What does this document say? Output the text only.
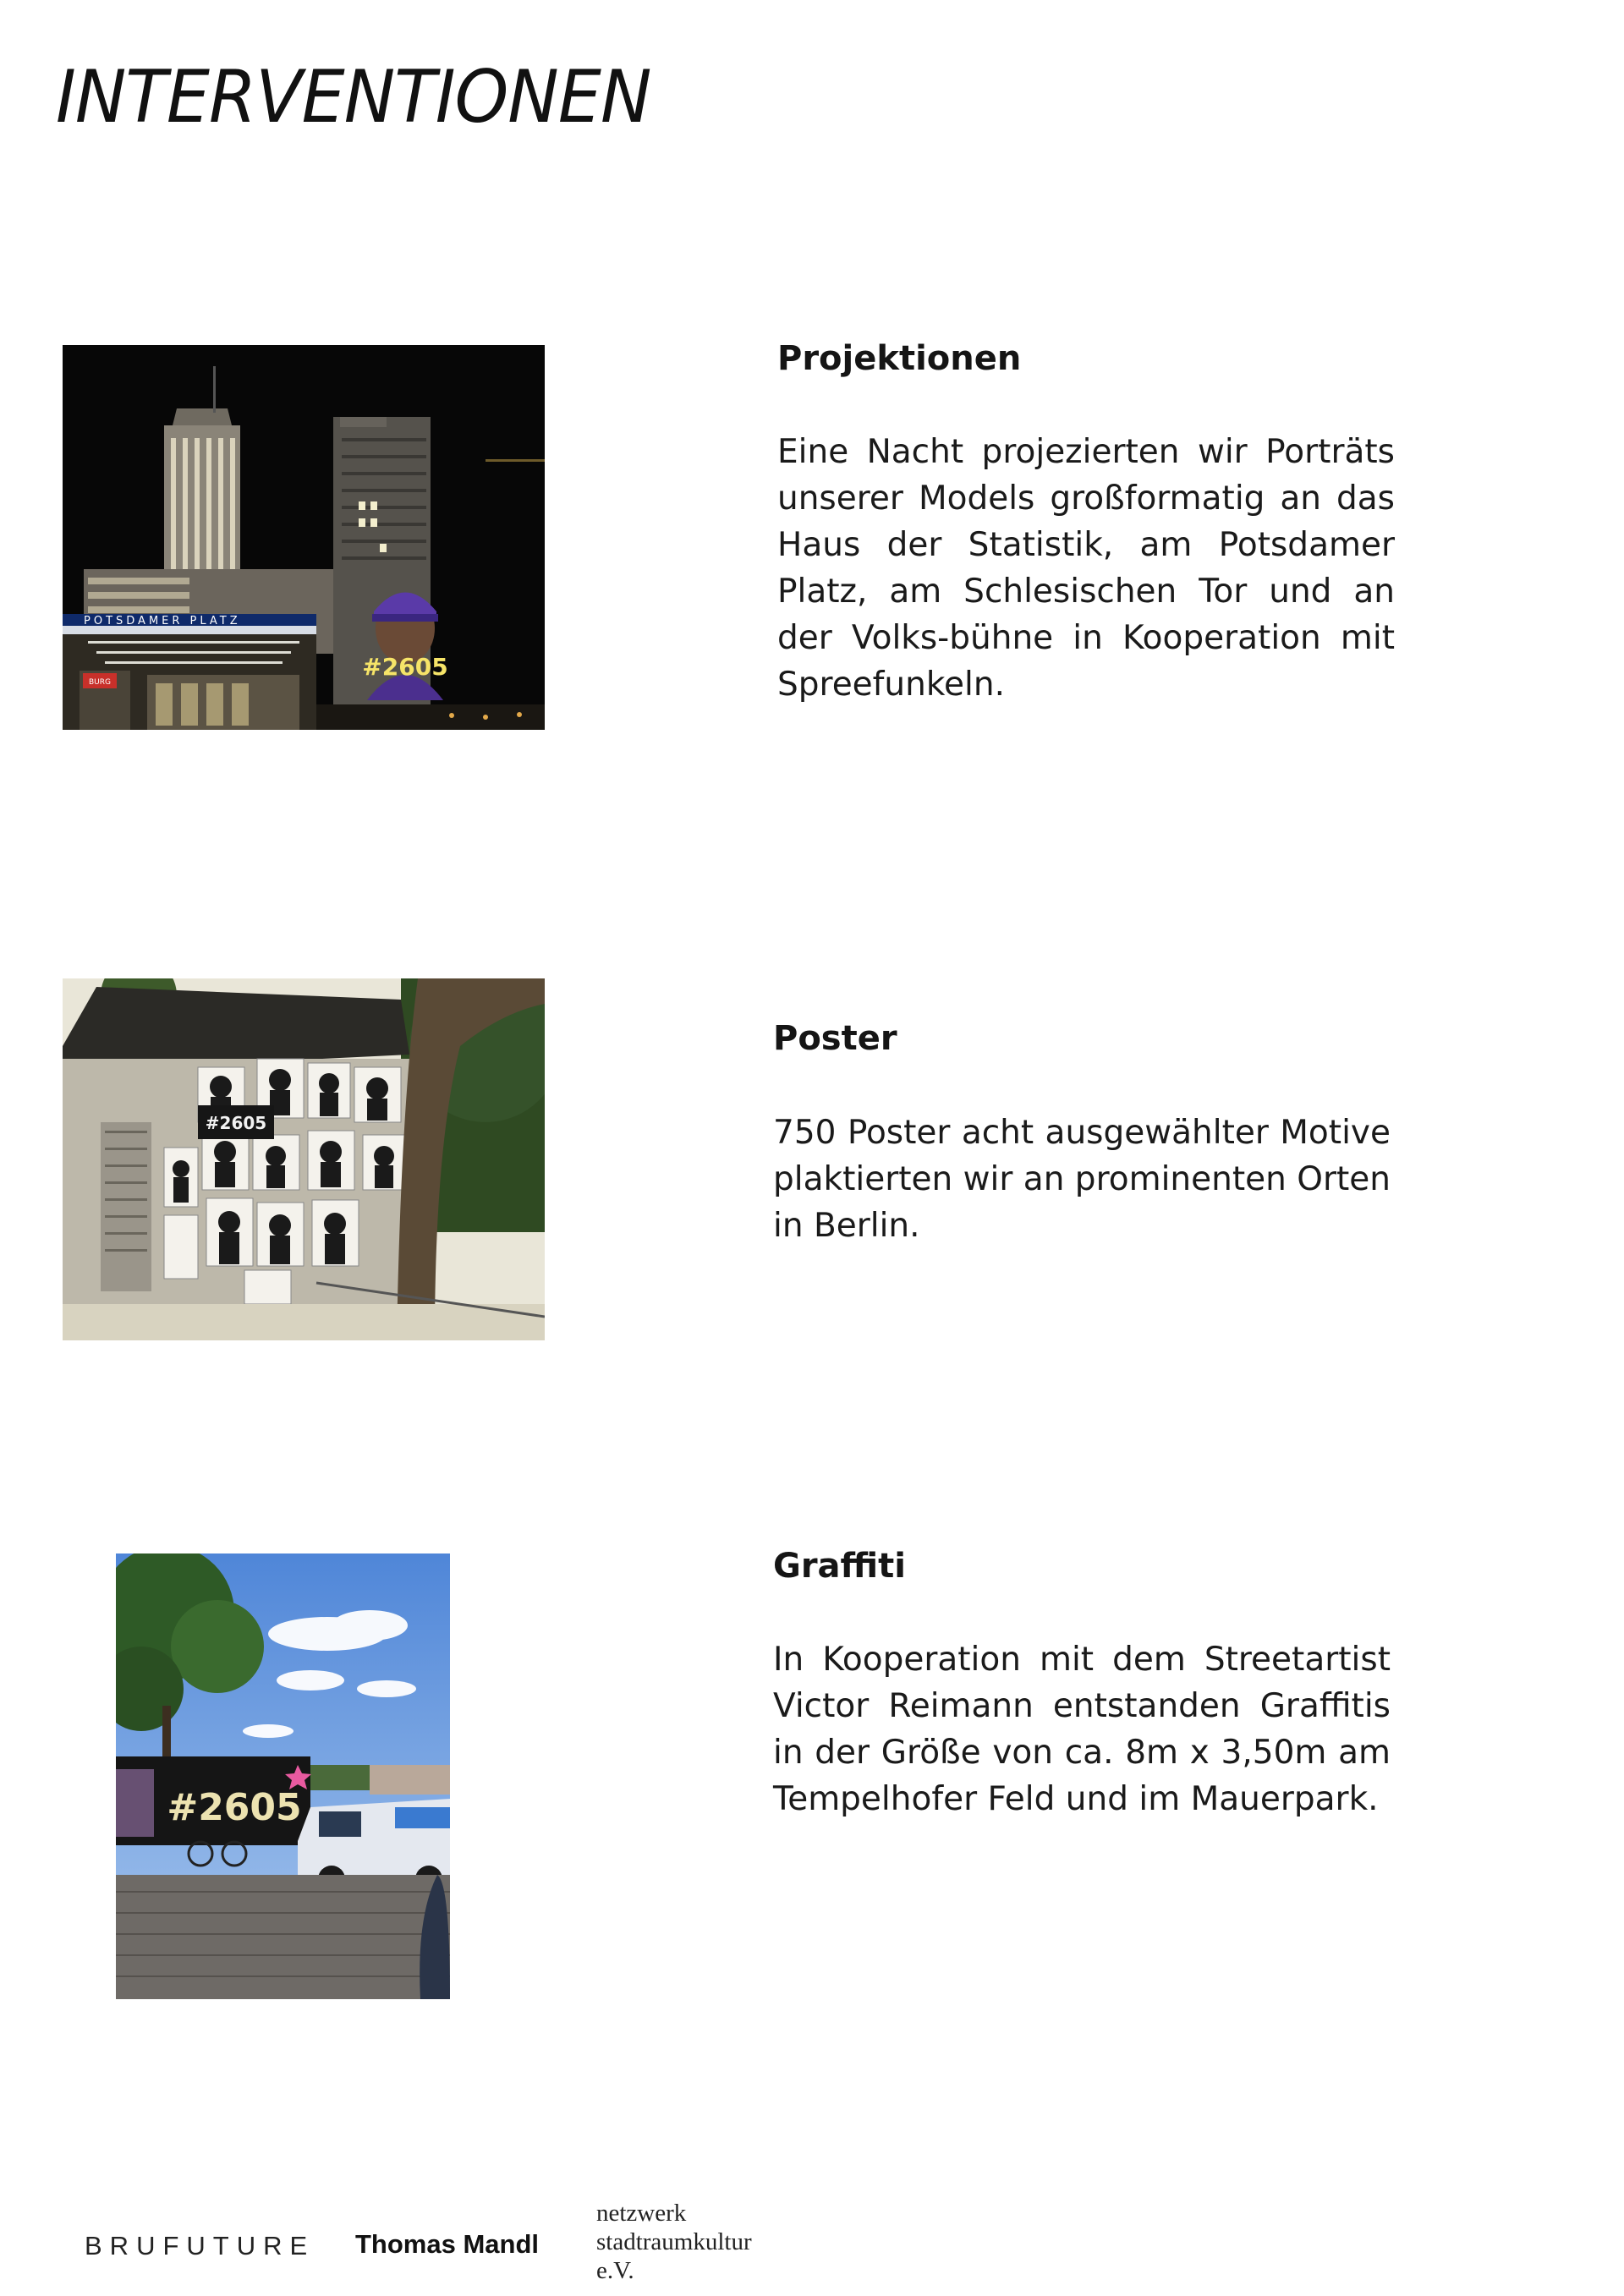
INTERVENTIONEN
#2605
POTSDAMER PLATZ
BURG
Projektionen

Eine Nacht projezierten wir Porträts unserer Models großformatig an das Haus der Statistik, am Potsdamer Platz, am Schlesischen Tor und an der Volks-bühne in Kooperation mit Spreefunkeln.

#2605
Poster

750 Poster acht ausgewählter Motive plaktierten wir an prominenten Orten in Berlin.

#2605
Graffiti

In Kooperation mit dem Streetartist Victor Reimann entstanden Graffitis in der Größe von ca. 8m x 3,50m am Tempelhofer Feld und im Mauerpark.

BRUFUTURE Thomas Mandl
netzwerk
stadtraumkultur
e.V.
